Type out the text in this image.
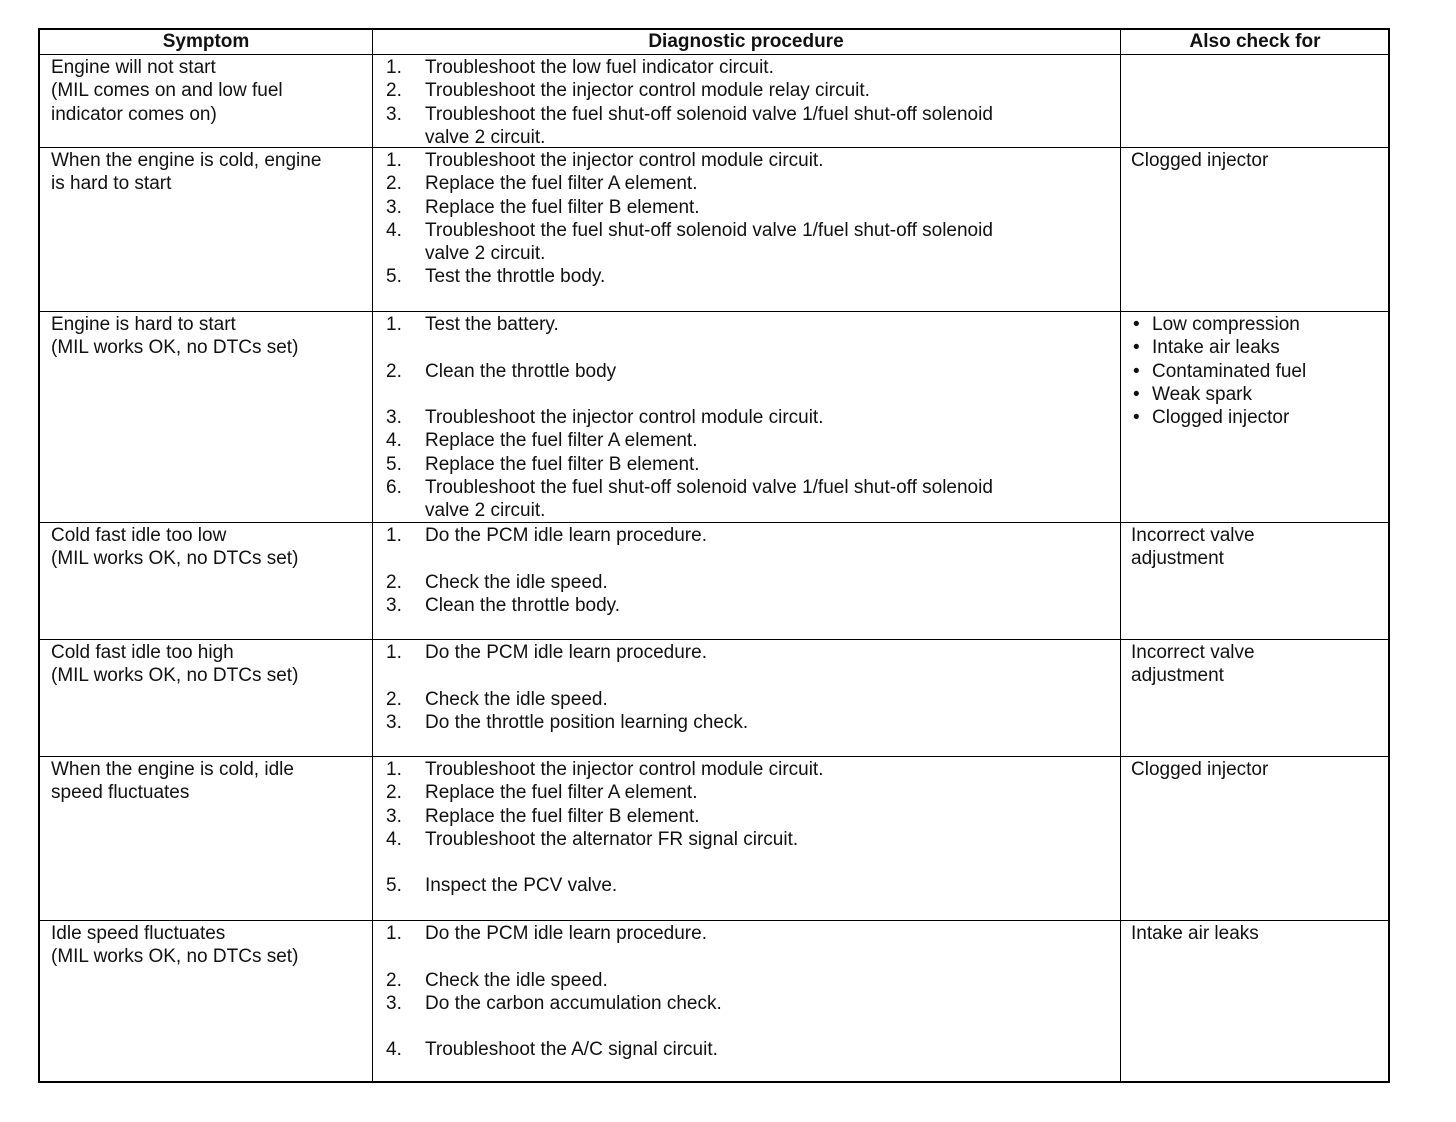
Symptom	Diagnostic procedure	Also check for
Engine will not start
(MIL comes on and low fuel
indicator comes on)
1. Troubleshoot the low fuel indicator circuit.
2. Troubleshoot the injector control module relay circuit.
3. Troubleshoot the fuel shut-off solenoid valve 1/fuel shut-off solenoid
valve 2 circuit.
When the engine is cold, engine
is hard to start
1. Troubleshoot the injector control module circuit.
2. Replace the fuel filter A element.
3. Replace the fuel filter B element.
4. Troubleshoot the fuel shut-off solenoid valve 1/fuel shut-off solenoid
valve 2 circuit.
5. Test the throttle body.
Clogged injector
Engine is hard to start
(MIL works OK, no DTCs set)
1. Test the battery.
2. Clean the throttle body
3. Troubleshoot the injector control module circuit.
4. Replace the fuel filter A element.
5. Replace the fuel filter B element.
6. Troubleshoot the fuel shut-off solenoid valve 1/fuel shut-off solenoid
valve 2 circuit.
• Low compression
• Intake air leaks
• Contaminated fuel
• Weak spark
• Clogged injector
Cold fast idle too low
(MIL works OK, no DTCs set)
1. Do the PCM idle learn procedure.
2. Check the idle speed.
3. Clean the throttle body.
Incorrect valve
adjustment
Cold fast idle too high
(MIL works OK, no DTCs set)
1. Do the PCM idle learn procedure.
2. Check the idle speed.
3. Do the throttle position learning check.
Incorrect valve
adjustment
When the engine is cold, idle
speed fluctuates
1. Troubleshoot the injector control module circuit.
2. Replace the fuel filter A element.
3. Replace the fuel filter B element.
4. Troubleshoot the alternator FR signal circuit.
5. Inspect the PCV valve.
Clogged injector
Idle speed fluctuates
(MIL works OK, no DTCs set)
1. Do the PCM idle learn procedure.
2. Check the idle speed.
3. Do the carbon accumulation check.
4. Troubleshoot the A/C signal circuit.
Intake air leaks
